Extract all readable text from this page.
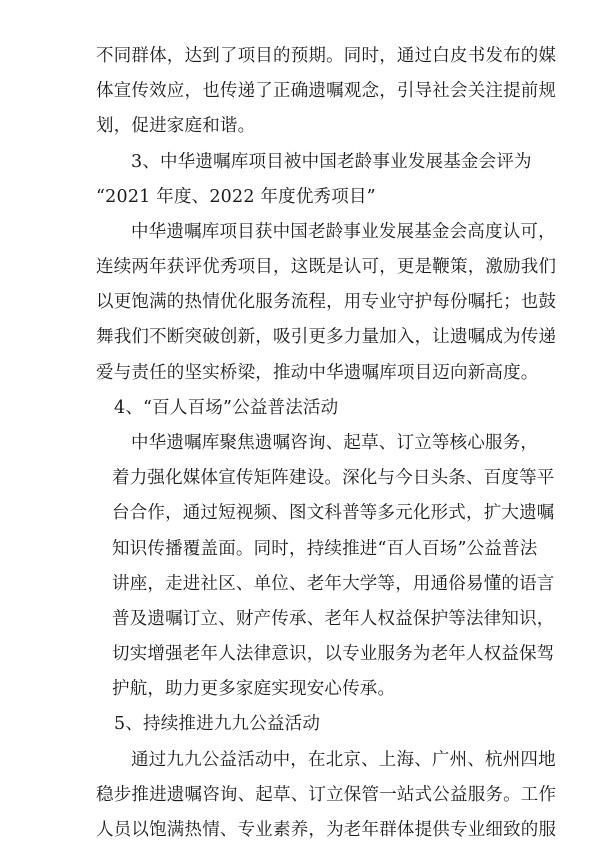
不同群体，达到了项目的预期。同时，通过白皮书发布的媒
体宣传效应，也传递了正确遗嘱观念，引导社会关注提前规
划，促进家庭和谐。
3、中华遗嘱库项目被中国老龄事业发展基金会评为
“2021 年度、2022 年度优秀项目”
中华遗嘱库项目获中国老龄事业发展基金会高度认可，
连续两年获评优秀项目，这既是认可，更是鞭策，激励我们
以更饱满的热情优化服务流程，用专业守护每份嘱托；也鼓
舞我们不断突破创新，吸引更多力量加入，让遗嘱成为传递
爱与责任的坚实桥梁，推动中华遗嘱库项目迈向新高度。
4、“百人百场”公益普法活动
中华遗嘱库聚焦遗嘱咨询、起草、订立等核心服务，
着力强化媒体宣传矩阵建设。深化与今日头条、百度等平
台合作，通过短视频、图文科普等多元化形式，扩大遗嘱
知识传播覆盖面。同时，持续推进“百人百场”公益普法
讲座，走进社区、单位、老年大学等，用通俗易懂的语言
普及遗嘱订立、财产传承、老年人权益保护等法律知识，
切实增强老年人法律意识，以专业服务为老年人权益保驾
护航，助力更多家庭实现安心传承。
5、持续推进九九公益活动
通过九九公益活动中，在北京、上海、广州、杭州四地
稳步推进遗嘱咨询、起草、订立保管一站式公益服务。工作
人员以饱满热情、专业素养，为老年群体提供专业细致的服
